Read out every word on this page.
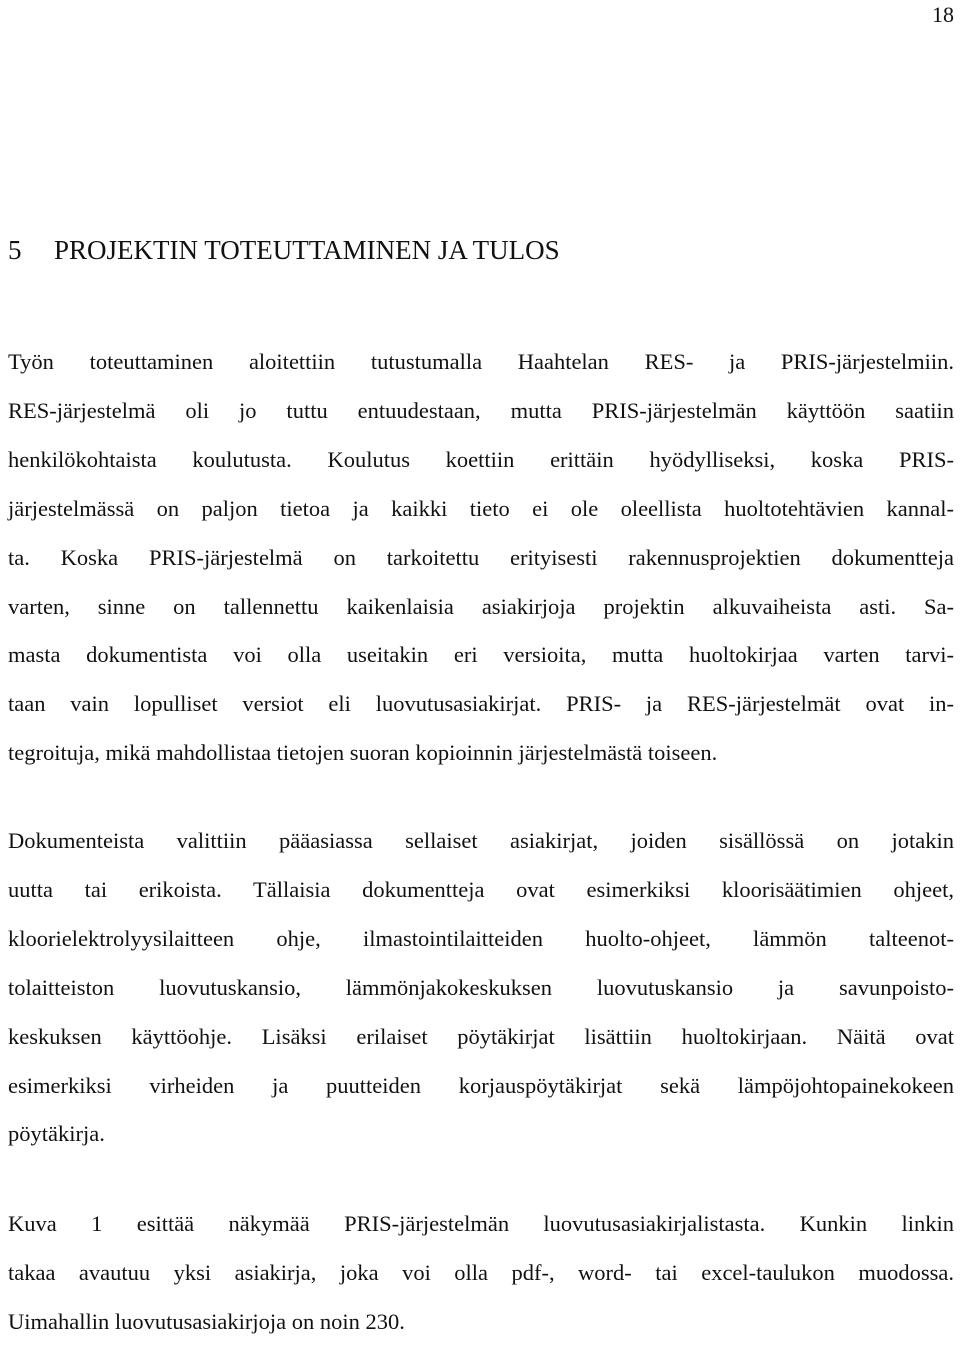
18
5 PROJEKTIN TOTEUTTAMINEN JA TULOS

Työn toteuttaminen aloitettiin tutustumalla Haahtelan RES- ja PRIS-järjestelmiin.
RES-järjestelmä oli jo tuttu entuudestaan, mutta PRIS-järjestelmän käyttöön saatiin
henkilökohtaista koulutusta. Koulutus koettiin erittäin hyödylliseksi, koska PRIS-
järjestelmässä on paljon tietoa ja kaikki tieto ei ole oleellista huoltotehtävien kannal-
ta. Koska PRIS-järjestelmä on tarkoitettu erityisesti rakennusprojektien dokumentteja
varten, sinne on tallennettu kaikenlaisia asiakirjoja projektin alkuvaiheista asti. Sa-
masta dokumentista voi olla useitakin eri versioita, mutta huoltokirjaa varten tarvi-
taan vain lopulliset versiot eli luovutusasiakirjat. PRIS- ja RES-järjestelmät ovat in-
tegroituja, mikä mahdollistaa tietojen suoran kopioinnin järjestelmästä toiseen.

Dokumenteista valittiin pääasiassa sellaiset asiakirjat, joiden sisällössä on jotakin
uutta tai erikoista. Tällaisia dokumentteja ovat esimerkiksi kloorisäätimien ohjeet,
kloorielektrolyysilaitteen ohje, ilmastointilaitteiden huolto-ohjeet, lämmön talteenot-
tolaitteiston luovutuskansio, lämmönjakokeskuksen luovutuskansio ja savunpoisto-
keskuksen käyttöohje. Lisäksi erilaiset pöytäkirjat lisättiin huoltokirjaan. Näitä ovat
esimerkiksi virheiden ja puutteiden korjauspöytäkirjat sekä lämpöjohtopainekokeen
pöytäkirja.

Kuva 1 esittää näkymää PRIS-järjestelmän luovutusasiakirjalistasta. Kunkin linkin
takaa avautuu yksi asiakirja, joka voi olla pdf-, word- tai excel-taulukon muodossa.
Uimahallin luovutusasiakirjoja on noin 230.
